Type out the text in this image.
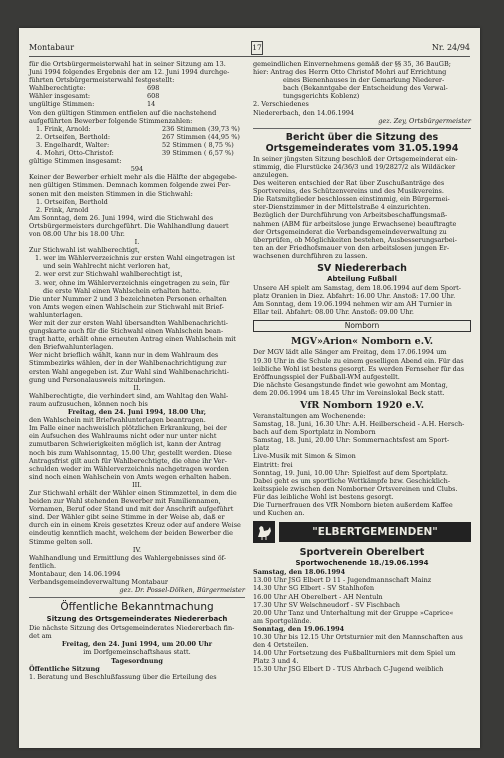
Montabaur	17	Nr. 24/94

für die Ortsbürgermeisterwahl hat in seiner Sitzung am 13.

Juni 1994 folgendes Ergebnis der am 12. Juni 1994 durchge-

führten Ortsbürgermeisterwahl festgestellt:

Wahlberechtigte:	698
Wähler insgesamt:	608
ungültige Stimmen:	14

Von den gültigen Stimmen entfielen auf die nachstehend

aufgeführten Bewerber folgende Stimmenzahlen:

1. Frink, Arnold:	236 Stimmen (39,73 %)
2. Ortseifen, Berthold:	267 Stimmen (44,95 %)
3. Engelhardt, Walter:	52 Stimmen ( 8,75 %)
4. Mohri, Otto-Christof:	39 Stimmen ( 6,57 %)

gültige Stimmen insgesamt:

594

Keiner der Bewerber erhielt mehr als die Hälfte der abgegebe-

nen gültigen Stimmen. Demnach kommen folgende zwei Per-

sonen mit den meisten Stimmen in die Stichwahl:

1. Ortseifen, Berthold

2. Frink, Arnold

Am Sonntag, dem 26. Juni 1994, wird die Stichwahl des

Ortsbürgermeisters durchgeführt. Die Wahlhandlung dauert

von 08.00 Uhr bis 18.00 Uhr.

I.

Zur Stichwahl ist wahlberechtigt,

1. wer im Wählerverzeichnis zur ersten Wahl eingetragen ist

und sein Wahlrecht nicht verloren hat,

2. wer erst zur Stichwahl wahlberechtigt ist,

3. wer, ohne im Wählerverzeichnis eingetragen zu sein, für

die erste Wahl einen Wahlschein erhalten hatte.

Die unter Nummer 2 und 3 bezeichneten Personen erhalten

von Amts wegen einen Wahlschein zur Stichwahl mit Brief-

wahlunterlagen.

Wer mit der zur ersten Wahl übersandten Wahlbenachrichti-

gungskarte auch für die Stichwahl einen Wahlschein bean-

tragt hatte, erhält ohne erneuten Antrag einen Wahlschein mit

den Briefwahlunterlagen.

Wer nicht brieflich wählt, kann nur in dem Wahlraum des

Stimmbezirks wählen, der in der Wahlbenachrichtigung zur

ersten Wahl angegeben ist. Zur Wahl sind Wahlbenachrichti-

gung und Personalausweis mitzubringen.

II.

Wahlberechtigte, die verhindert sind, am Wahltag den Wahl-

raum aufzusuchen, können noch bis

Freitag, den 24. Juni 1994, 18.00 Uhr,

den Wahlschein mit Briefwahlunterlagen beantragen.

Im Falle einer nachweislich plötzlichen Erkrankung, bei der

ein Aufsuchen des Wahlraums nicht oder nur unter nicht

zumutbaren Schwierigkeiten möglich ist, kann der Antrag

noch bis zum Wahlsonntag, 15.00 Uhr, gestellt werden. Diese

Antragsfrist gilt auch für Wahlberechtigte, die ohne ihr Ver-

schulden weder im Wählerverzeichnis nachgetragen worden

sind noch einen Wahlschein von Amts wegen erhalten haben.

III.

Zur Stichwahl erhält der Wähler einen Stimmzettel, in dem die

beiden zur Wahl stehenden Bewerber mit Familiennamen,

Vornamen, Beruf oder Stand und mit der Anschrift aufgeführt

sind. Der Wähler gibt seine Stimme in der Weise ab, daß er

durch ein in einem Kreis gesetztes Kreuz oder auf andere Weise

eindeutig kenntlich macht, welchem der beiden Bewerber die

Stimme gelten soll.

IV.

Wahlhandlung und Ermittlung des Wahlergebnisses sind öf-

fentlich.

Montabaur, den 14.06.1994

Verbandsgemeindeverwaltung Montabaur

gez. Dr. Possel-Dölken, Bürgermeister

Öffentliche Bekanntmachung
Sitzung des Ortsgemeinderates Niedererbach

Die nächste Sitzung des Ortsgemeinderates Niedererbach fin-

det am

Freitag, den 24. Juni 1994, um 20.00 Uhr

im Dorfgemeinschaftshaus statt.

Tagesordnung

Öffentliche Sitzung

1. Beratung und Beschlußfassung über die Erteilung des

gemeindlichen Einvernehmens gemäß der §§ 35, 36 BauGB;

hier: Antrag des Herrn Otto Christof Mohri auf Errichtung

eines Bienenhauses in der Gemarkung Niederer-

bach (Bekanntgabe der Entscheidung des Verwal-

tungsgerichts Koblenz)

2. Verschiedenes

Niedererbach, den 14.06.1994

gez. Zey, Ortsbürgermeister

Bericht über die Sitzung des
Ortsgemeinderates vom 31.05.1994

In seiner jüngsten Sitzung beschloß der Ortsgemeinderat ein-

stimmig, die Flurstücke 24/36/3 und 19/2827/2 als Wildäcker

anzulegen.

Des weiteren entschied der Rat über Zuschußanträge des

Sportvereins, des Schützenvereins und des Musikvereins.

Die Ratsmitglieder beschlossen einstimmig, ein Bürgermei-

ster-Dienstzimmer in der Mittelstraße 4 einzurichten.

Bezüglich der Durchführung von Arbeitsbeschaffungsmaß-

nahmen (ABM für arbeitslose junge Erwachsene) beauftragte

der Ortsgemeinderat die Verbandsgemeindeverwaltung zu

überprüfen, ob Möglichkeiten bestehen, Ausbesserungsarbei-

ten an der Friedhofsmauer von den arbeitslosen jungen Er-

wachsenen durchführen zu lassen.

SV Niedererbach
Abteilung Fußball

Unsere AH spielt am Samstag, dem 18.06.1994 auf dem Sport-

platz Oranien in Diez. Abfahrt: 16.00 Uhr. Anstoß: 17.00 Uhr.

Am Sonntag, dem 19.06.1994 nehmen wir am AH Turnier in

Ellar teil. Abfahrt: 08.00 Uhr. Anstoß: 09.00 Uhr.

Nomborn
MGV»Arion« Nomborn e.V.

Der MGV lädt alle Sänger am Freitag, dem 17.06.1994 um

19.30 Uhr in die Schule zu einem geselligen Abend ein. Für das

leibliche Wohl ist bestens gesorgt. Es werden Fernseher für das

Eröffnungsspiel der Fußball-WM aufgestellt.

Die nächste Gesangstunde findet wie gewohnt am Montag,

dem 20.06.1994 um 18.45 Uhr im Vereinslokal Beck statt.

VfR Nomborn 1920 e.V.

Veranstaltungen am Wochenende:

Samstag, 18. Juni, 16.30 Uhr: A.H. Heilberscheid - A.H. Hersch-

bach auf dem Sportplatz in Nomborn

Samstag, 18. Juni, 20.00 Uhr: Sommernachtsfest am Sport-

platz

Live-Musik mit Simon & Simon

Eintritt: frei

Sonntag, 19. Juni, 10.00 Uhr: Spielfest auf dem Sportplatz.

Dabei geht es um sportliche Wettkämpfe bzw. Geschicklich-

keitsspiele zwischen den Nomborner Ortsvereinen und Clubs.

Für das leibliche Wohl ist bestens gesorgt.

Die Turnerfrauen des VfR Nomborn bieten außerdem Kaffee

und Kuchen an.

"ELBERTGEMEINDEN"
Sportverein Oberelbert
Sportwochenende 18./19.06.1994

Samstag, den 18.06.1994

13.00 Uhr JSG Elbert D 11 - Jugendmannschaft Mainz

14.30 Uhr SG Elbert - SV Stahlhofen

16.00 Uhr AH Oberelbert - AH Nentuln

17.30 Uhr SV Welschneudorf - SV Fischbach

20.00 Uhr Tanz und Unterhaltung mit der Gruppe »Caprice«

am Sportgelände.

Sonntag, den 19.06.1994

10.30 Uhr bis 12.15 Uhr Ortsturnier mit den Mannschaften aus

den 4 Ortsteilen.

14.00 Uhr Fortsetzung des Fußballturniers mit dem Spiel um

Platz 3 und 4.

15.30 Uhr JSG Elbert D - TUS Ahrbach C-Jugend weiblich
